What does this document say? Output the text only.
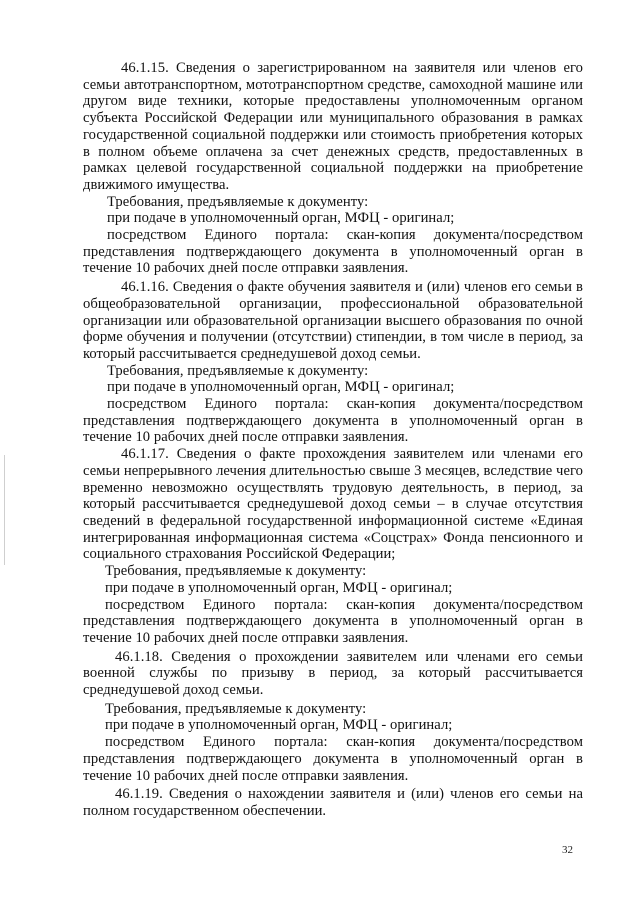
46.1.15. Сведения о зарегистрированном на заявителя или членов его семьи автотранспортном, мототранспортном средстве, самоходной машине или другом виде техники, которые предоставлены уполномоченным органом субъекта Российской Федерации или муниципального образования в рамках государственной социальной поддержки или стоимость приобретения которых в полном объеме оплачена за счет денежных средств, предоставленных в рамках целевой государственной социальной поддержки на приобретение движимого имущества.

Требования, предъявляемые к документу:

при подаче в уполномоченный орган, МФЦ - оригинал;

посредством Единого портала: скан-копия документа/посредством представления подтверждающего документа в уполномоченный орган в течение 10 рабочих дней после отправки заявления.

46.1.16. Сведения о факте обучения заявителя и (или) членов его семьи в общеобразовательной организации, профессиональной образовательной организации или образовательной организации высшего образования по очной форме обучения и получении (отсутствии) стипендии, в том числе в период, за который рассчитывается среднедушевой доход семьи.

Требования, предъявляемые к документу:

при подаче в уполномоченный орган, МФЦ - оригинал;

посредством Единого портала: скан-копия документа/посредством представления подтверждающего документа в уполномоченный орган в течение 10 рабочих дней после отправки заявления.

46.1.17. Сведения о факте прохождения заявителем или членами его семьи непрерывного лечения длительностью свыше 3 месяцев, вследствие чего временно невозможно осуществлять трудовую деятельность, в период, за который рассчитывается среднедушевой доход семьи – в случае отсутствия сведений в федеральной государственной информационной системе «Единая интегрированная информационная система «Соцстрах» Фонда пенсионного и социального страхования Российской Федерации;

Требования, предъявляемые к документу:

при подаче в уполномоченный орган, МФЦ - оригинал;

посредством Единого портала: скан-копия документа/посредством представления подтверждающего документа в уполномоченный орган в течение 10 рабочих дней после отправки заявления.

46.1.18. Сведения о прохождении заявителем или членами его семьи военной службы по призыву в период, за который рассчитывается среднедушевой доход семьи.

Требования, предъявляемые к документу:

при подаче в уполномоченный орган, МФЦ - оригинал;

посредством Единого портала: скан-копия документа/посредством представления подтверждающего документа в уполномоченный орган в течение 10 рабочих дней после отправки заявления.

46.1.19. Сведения о нахождении заявителя и (или) членов его семьи на полном государственном обеспечении.

32
